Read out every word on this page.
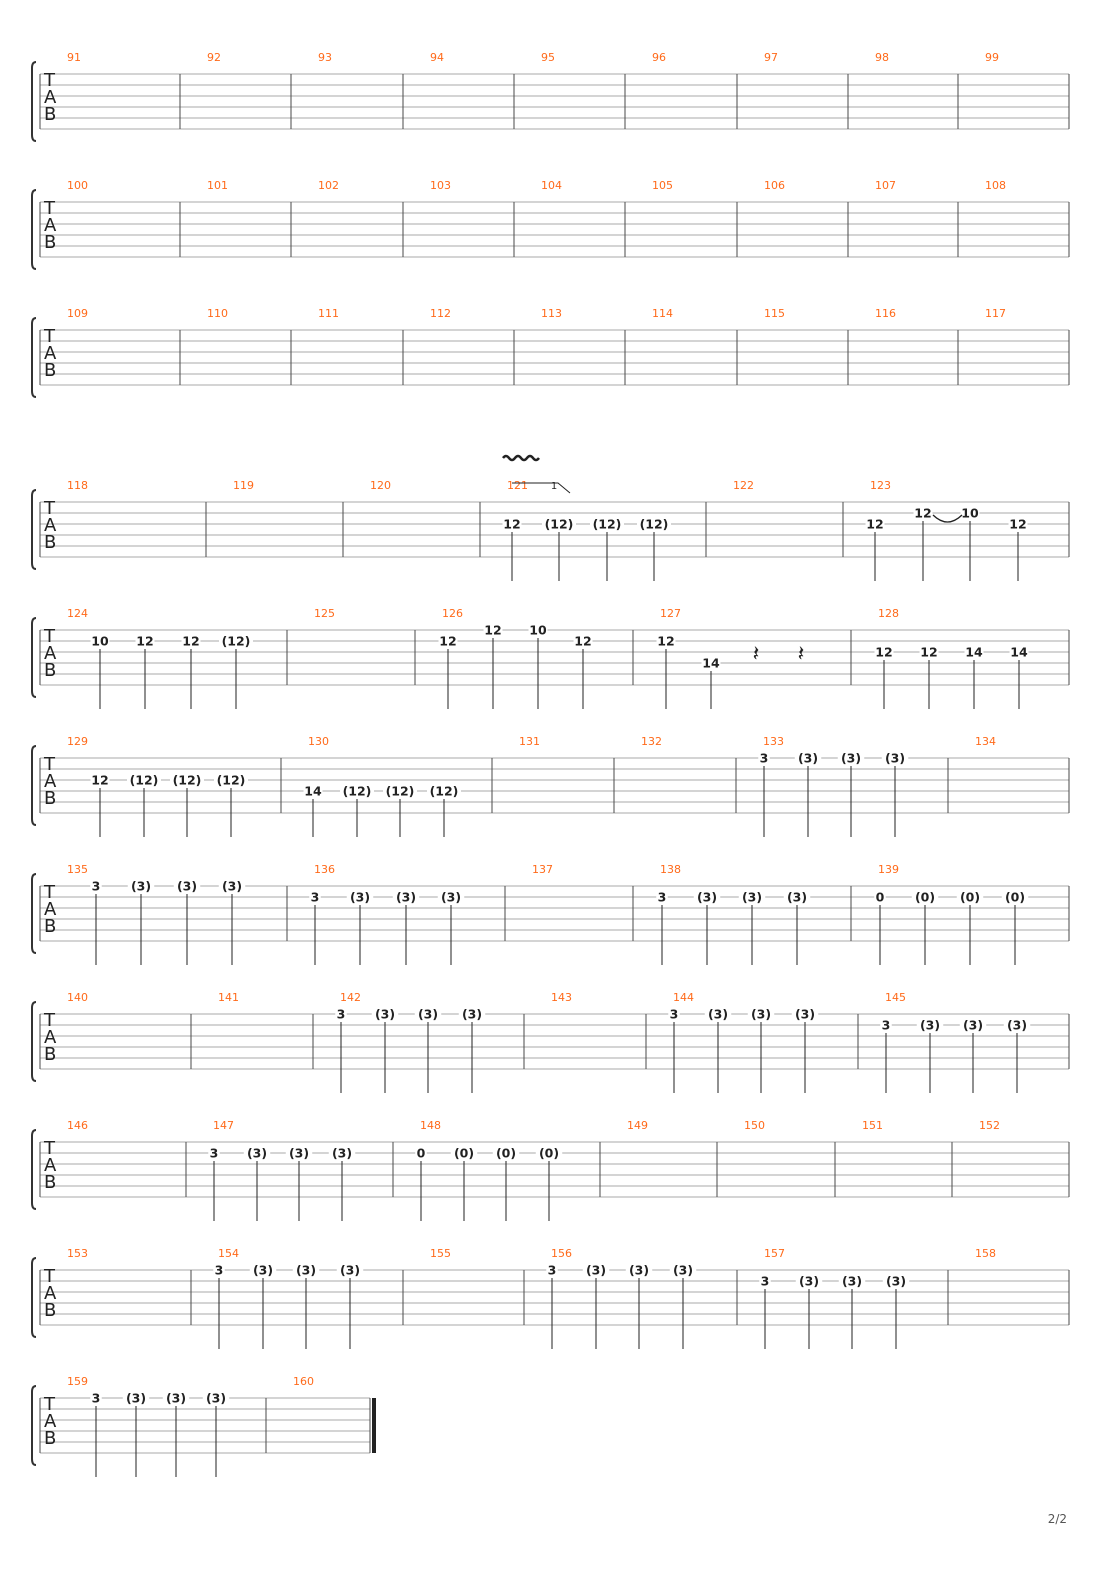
T
A
B
91	92	93	94	95	96	97	98	99
T
A
B
100	101	102	103	104	105	106	107	108
T
A
B
109	110	111	112	113	114	115	116	117
T
A
B
118	119	120	121 1
12 (12) (12) (12)
122	123
12
12 10
12
T
A
B
124
10 12 12 (12)
125	126
12
12 10
12
127
12
14 𝄽 𝄽
128
12 12 14 14
T
A
B
129
12 (12) (12) (12)
130
14 (12) (12) (12)
131	132	133
3 (3) (3) (3)
134
T
A
B
135
3 (3) (3) (3)
136
3 (3) (3) (3)
137	138
3 (3) (3) (3)
139
0 (0) (0) (0)
T
A
B
140	141	142
3 (3) (3) (3)
143	144
3 (3) (3) (3)
145
3 (3) (3) (3)
T
A
B
146	147
3 (3) (3) (3)
148
0 (0) (0) (0)
149	150	151	152
T
A
B
153	154
3 (3) (3) (3)
155	156
3 (3) (3) (3)
157
3 (3) (3) (3)
158
T
A
B
159
3 (3) (3) (3)
160
2/2
